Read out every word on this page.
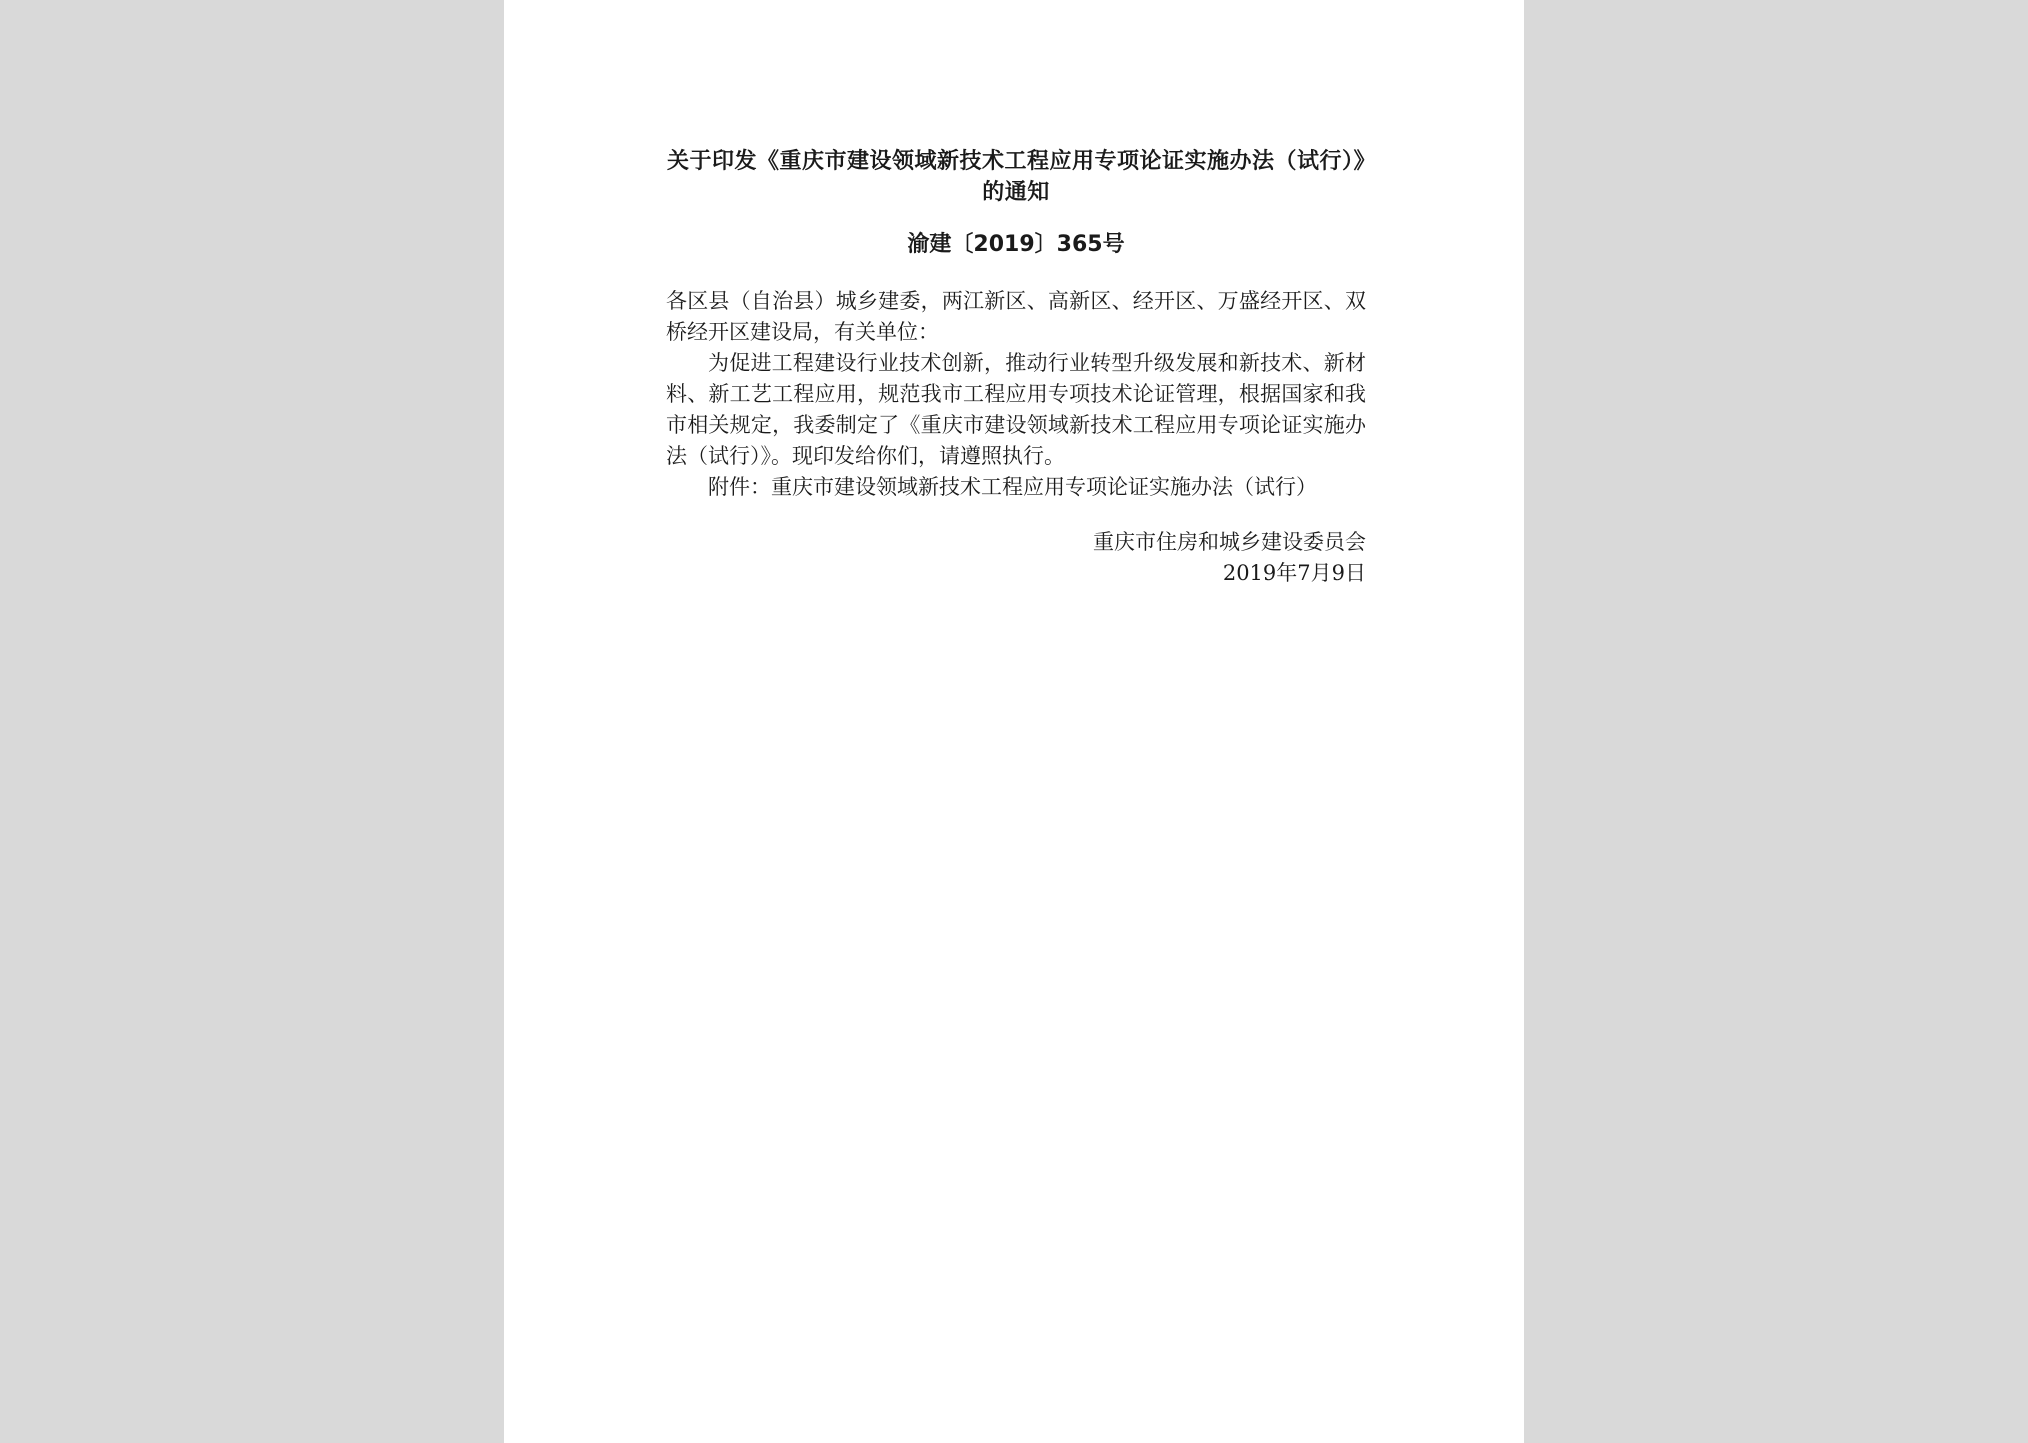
关于印发《重庆市建设领域新技术工程应用专项论证实施办法（试行）》的通知
渝建〔2019〕365号

各区县（自治县）城乡建委，两江新区、高新区、经开区、万盛经开区、双桥经开区建设局，有关单位：

为促进工程建设行业技术创新，推动行业转型升级发展和新技术、新材料、新工艺工程应用，规范我市工程应用专项技术论证管理，根据国家和我市相关规定，我委制定了《重庆市建设领域新技术工程应用专项论证实施办法（试行）》。现印发给你们，请遵照执行。

附件：重庆市建设领域新技术工程应用专项论证实施办法（试行）

重庆市住房和城乡建设委员会
2019年7月9日
